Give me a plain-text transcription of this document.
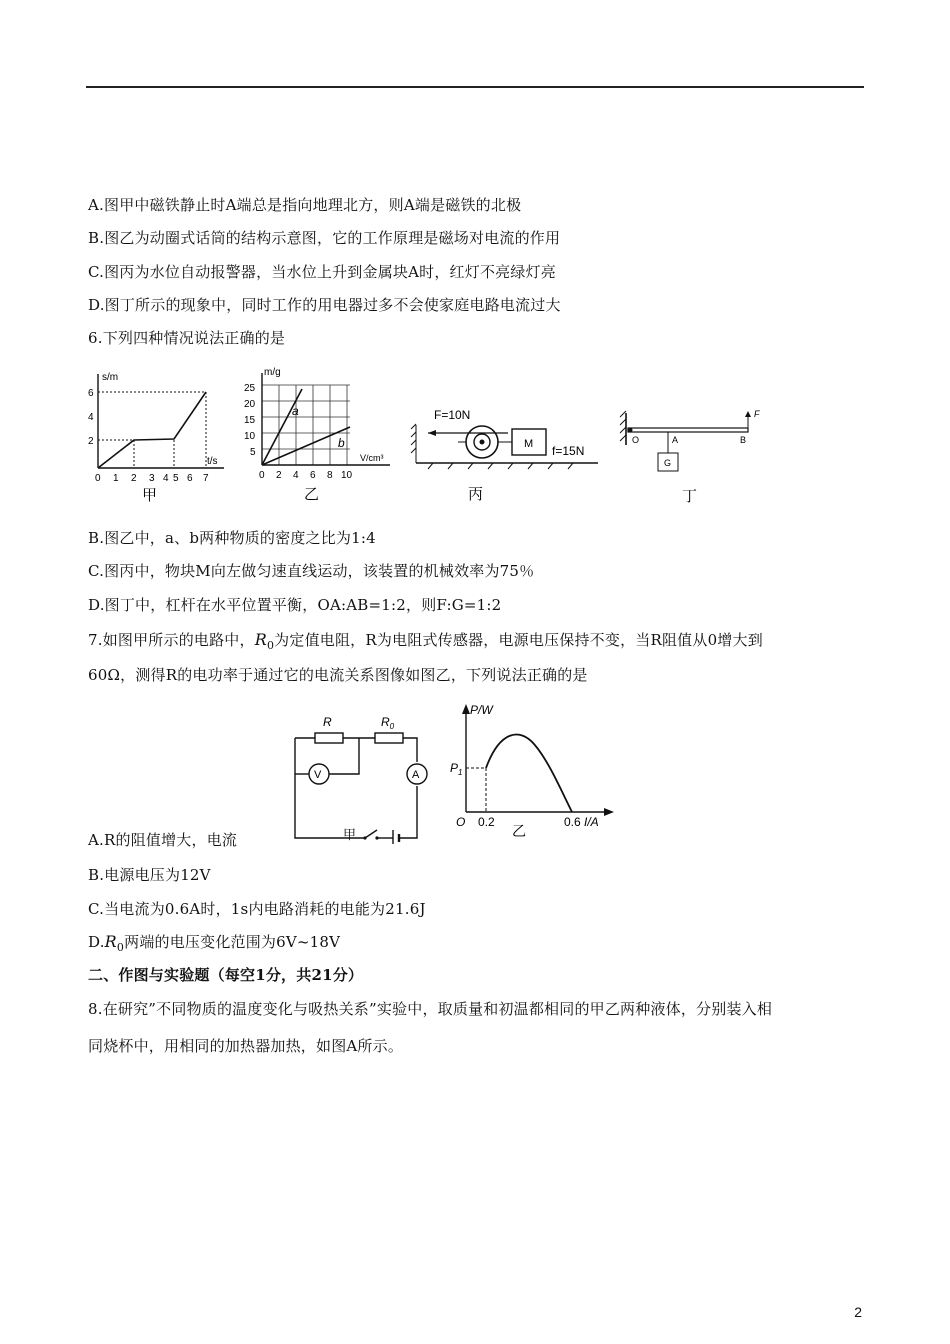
A.图甲中磁铁静止时A端总是指向地理北方，则A端是磁铁的北极
B.图乙为动圈式话筒的结构示意图，它的工作原理是磁场对电流的作用
C.图丙为水位自动报警器，当水位上升到金属块A时，红灯不亮绿灯亮
D.图丁所示的现象中，同时工作的用电器过多不会使家庭电路电流过大
6.下列四种情况说法正确的是
s/m
t/s
2
4
6
0 1 2 3 4 5 6 7
甲
a
b
m/g
V/cm³
5
10
15
20
25
0 2 4 6 8 10
乙
M
F=10N
f=15N
丙
G
O	A	B
F
丁
B.图乙中，a、b两种物质的密度之比为1:4
C.图丙中，物块M向左做匀速直线运动，该装置的机械效率为75％
D.图丁中，杠杆在水平位置平衡，OA:AB=1:2，则F:G=1:2
7.如图甲所示的电路中，$R_0$为定值电阻，R为电阻式传感器，电源电压保持不变，当R阻值从0增大到
60Ω，测得R的电功率于通过它的电流关系图像如图乙，下列说法正确的是
A
V
R	$R_0$
甲
P/W
$P_1$
O 0.2	0.6 I/A
乙
A.R的阻值增大，电流
B.电源电压为12V
C.当电流为0.6A时，1s内电路消耗的电能为21.6J
$D.R_0$两端的电压变化范围为6V~18V
二、作图与实验题（每空1分，共21分）
8.在研究”不同物质的温度变化与吸热关系”实验中，取质量和初温都相同的甲乙两种液体，分别装入相
同烧杯中，用相同的加热器加热，如图A所示。
2
